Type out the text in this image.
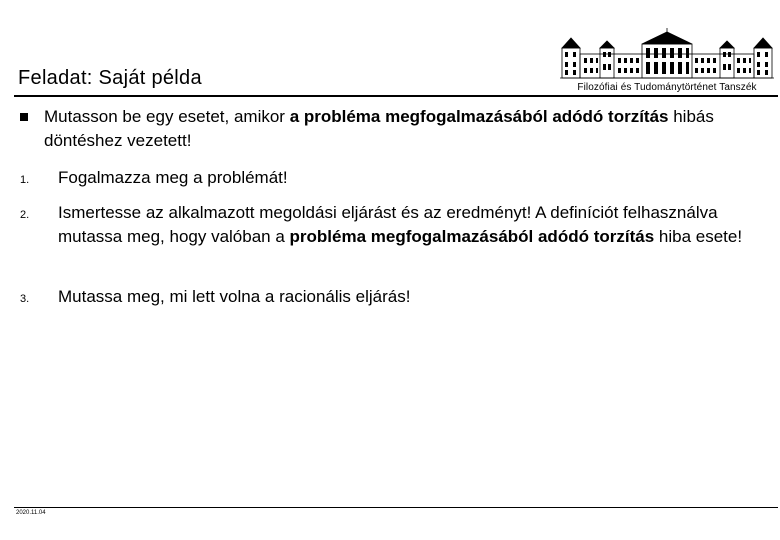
Filozófiai és Tudománytörténet Tanszék
Feladat: Saját példa
Mutasson be egy esetet, amikor a probléma megfogalmazásából adódó torzítás hibás döntéshez vezetett!
1. Fogalmazza meg a problémát!
2. Ismertesse az alkalmazott megoldási eljárást és az eredményt! A definíciót felhasználva mutassa meg, hogy valóban a probléma megfogalmazásából adódó torzítás hiba esete!
3. Mutassa meg, mi lett volna a racionális eljárás!
2020.11.04
